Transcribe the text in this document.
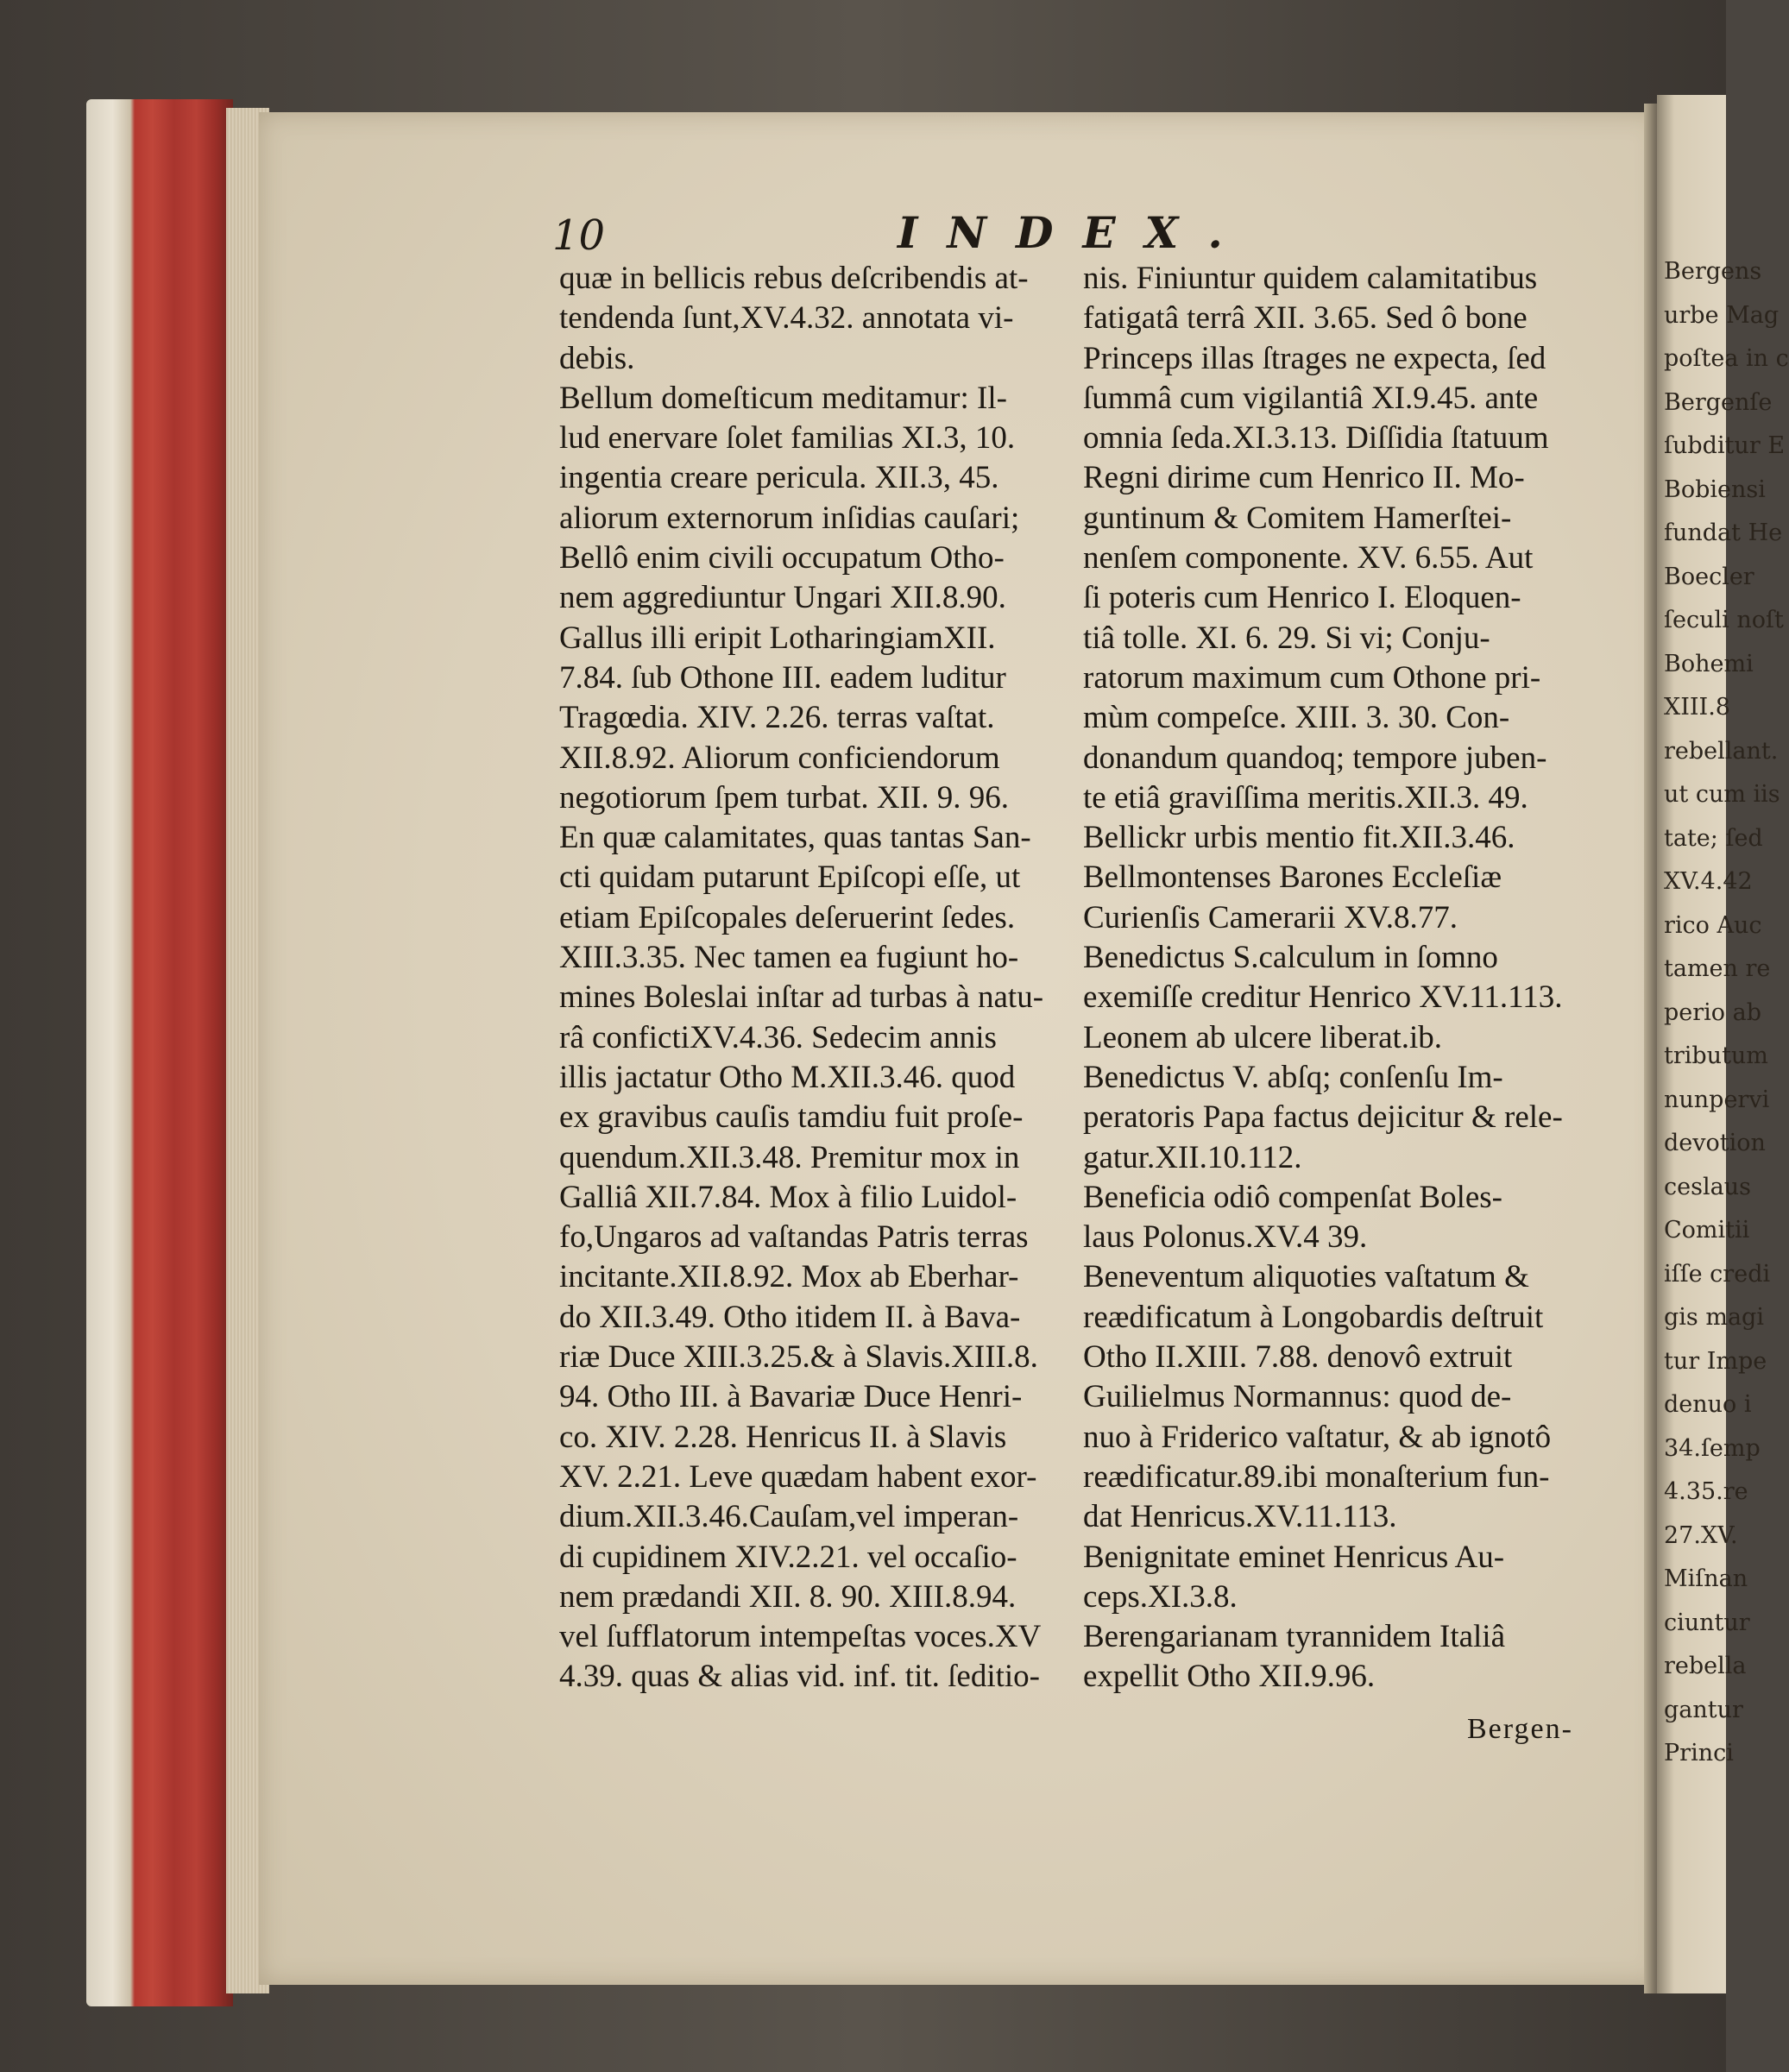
10	INDEX.
quæ in bellicis rebus deſcribendis at-
tendenda ſunt,XV.4.32. annotata vi-
debis.
Bellum domeſticum meditamur: Il-
lud enervare ſolet familias XI.3, 10.
ingentia creare pericula. XII.3, 45.
aliorum externorum inſidias cauſari;
Bellô enim civili occupatum Otho-
nem aggrediuntur Ungari XII.8.90.
Gallus illi eripit LotharingiamXII.
7.84. ſub Othone III. eadem luditur
Tragœdia. XIV. 2.26. terras vaſtat.
XII.8.92. Aliorum conficiendorum
negotiorum ſpem turbat. XII. 9. 96.
En quæ calamitates, quas tantas San-
cti quidam putarunt Epiſcopi eſſe, ut
etiam Epiſcopales deſeruerint ſedes.
XIII.3.35. Nec tamen ea fugiunt ho-
mines Boleslai inſtar ad turbas à natu-
râ confictiXV.4.36. Sedecim annis
illis jactatur Otho M.XII.3.46. quod
ex gravibus cauſis tamdiu fuit proſe-
quendum.XII.3.48. Premitur mox in
Galliâ XII.7.84. Mox à filio Luidol-
fo,Ungaros ad vaſtandas Patris terras
incitante.XII.8.92. Mox ab Eberhar-
do XII.3.49. Otho itidem II. à Bava-
riæ Duce XIII.3.25.& à Slavis.XIII.8.
94. Otho III. à Bavariæ Duce Henri-
co. XIV. 2.28. Henricus II. à Slavis
XV. 2.21. Leve quædam habent exor-
dium.XII.3.46.Cauſam,vel imperan-
di cupidinem XIV.2.21. vel occaſio-
nem prædandi XII. 8. 90. XIII.8.94.
vel ſufflatorum intempeſtas voces.XV
4.39. quas & alias vid. inf. tit. ſeditio-
nis. Finiuntur quidem calamitatibus
fatigatâ terrâ XII. 3.65. Sed ô bone
Princeps illas ſtrages ne expecta, ſed
ſummâ cum vigilantiâ XI.9.45. ante
omnia ſeda.XI.3.13. Diſſidia ſtatuum
Regni dirime cum Henrico II. Mo-
guntinum & Comitem Hamerſtei-
nenſem componente. XV. 6.55. Aut
ſi poteris cum Henrico I. Eloquen-
tiâ tolle. XI. 6. 29. Si vi; Conju-
ratorum maximum cum Othone pri-
mùm compeſce. XIII. 3. 30. Con-
donandum quandoq; tempore juben-
te etiâ graviſſima meritis.XII.3. 49.
Bellickr urbis mentio fit.XII.3.46.
Bellmontenses Barones Eccleſiæ
Curienſis Camerarii XV.8.77.
Benedictus S.calculum in ſomno
exemiſſe creditur Henrico XV.11.113.
Leonem ab ulcere liberat.ib.
Benedictus V. abſq; conſenſu Im-
peratoris Papa factus dejicitur & rele-
gatur.XII.10.112.
Beneficia odiô compenſat Boles-
laus Polonus.XV.4 39.
Beneventum aliquoties vaſtatum &
reædificatum à Longobardis deſtruit
Otho II.XIII. 7.88. denovô extruit
Guilielmus Normannus: quod de-
nuo à Friderico vaſtatur, & ab ignotô
reædificatur.89.ibi monaſterium fun-
dat Henricus.XV.11.113.
Benignitate eminet Henricus Au-
ceps.XI.3.8.
Berengarianam tyrannidem Italiâ
expellit Otho XII.9.96.
Bergen-
Bergens
urbe Mag
poſtea in c
Bergenſe
ſubditur E
Bobiensi
fundat He
Boecler
ſeculi noſt
Bohemi
XIII.8
rebellant.
ut cum iis
tate; ſed
XV.4.42
rico Auc
tamen re
perio ab
tributum
nunpervi
devotion
ceslaus
Comitii
iſſe credi
gis magi
tur Impe
denuo i
34.ſemp
4.35.re
27.XV.
Miſnan
ciuntur
rebella
gantur
Princi
